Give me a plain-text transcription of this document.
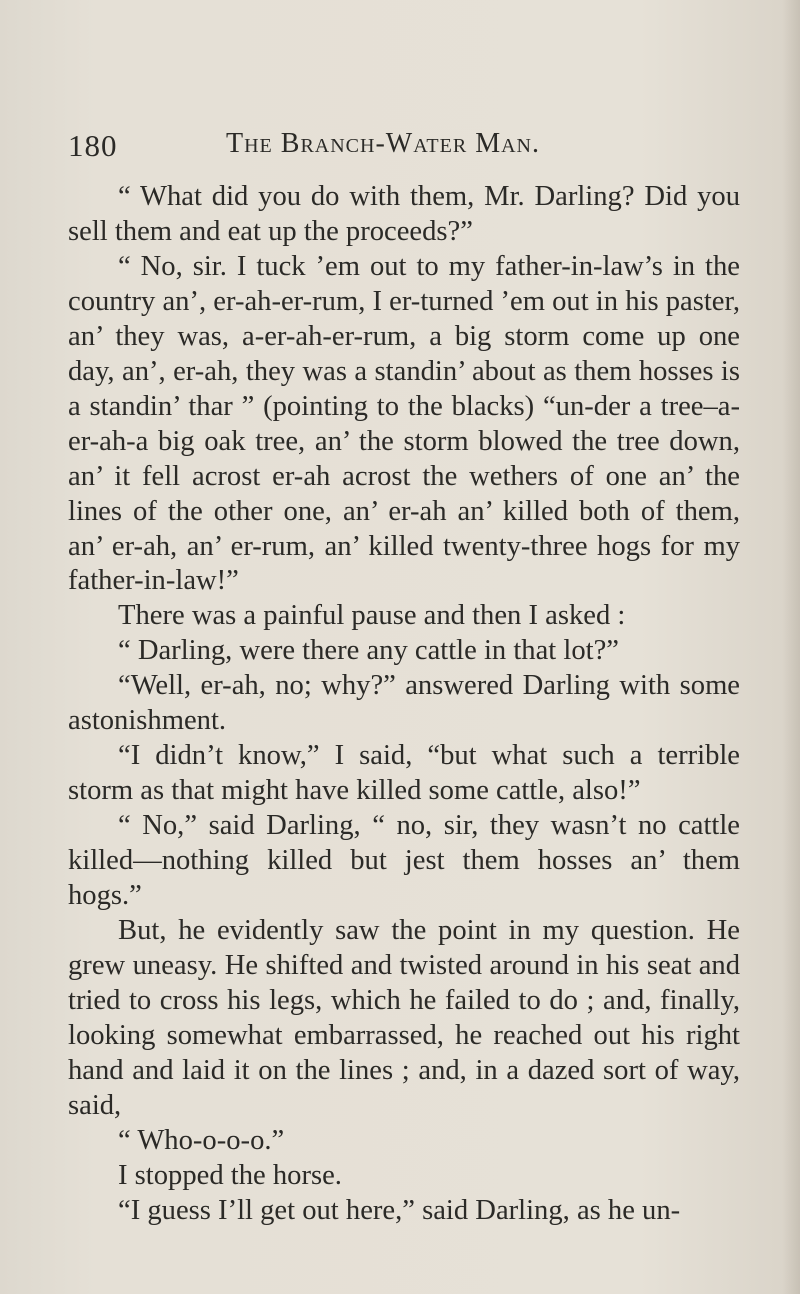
180	The Branch-Water Man.

“ What did you do with them, Mr. Darling? Did you sell them and eat up the proceeds?”

“ No, sir. I tuck ’em out to my father-in-law’s in the country an’, er-ah-er-rum, I er-turned ’em out in his paster, an’ they was, a-er-ah-er-rum, a big storm come up one day, an’, er-ah, they was a standin’ about as them hosses is a standin’ thar ” (pointing to the blacks) “un-der a tree–a-er-ah-a big oak tree, an’ the storm blowed the tree down, an’ it fell acrost er-ah acrost the wethers of one an’ the lines of the other one, an’ er-ah an’ killed both of them, an’ er-ah, an’ er-rum, an’ killed twenty-three hogs for my father-in-law!”

There was a painful pause and then I asked :

“ Darling, were there any cattle in that lot?”

“Well, er-ah, no; why?” answered Darling with some astonishment.

“I didn’t know,” I said, “but what such a terrible storm as that might have killed some cattle, also!”

“ No,” said Darling, “ no, sir, they wasn’t no cattle killed—nothing killed but jest them hosses an’ them hogs.”

But, he evidently saw the point in my question. He grew uneasy. He shifted and twisted around in his seat and tried to cross his legs, which he failed to do ; and, finally, looking somewhat embarrassed, he reached out his right hand and laid it on the lines ; and, in a dazed sort of way, said,

“ Who-o-o-o.”

I stopped the horse.

“I guess I’ll get out here,” said Darling, as he un-
